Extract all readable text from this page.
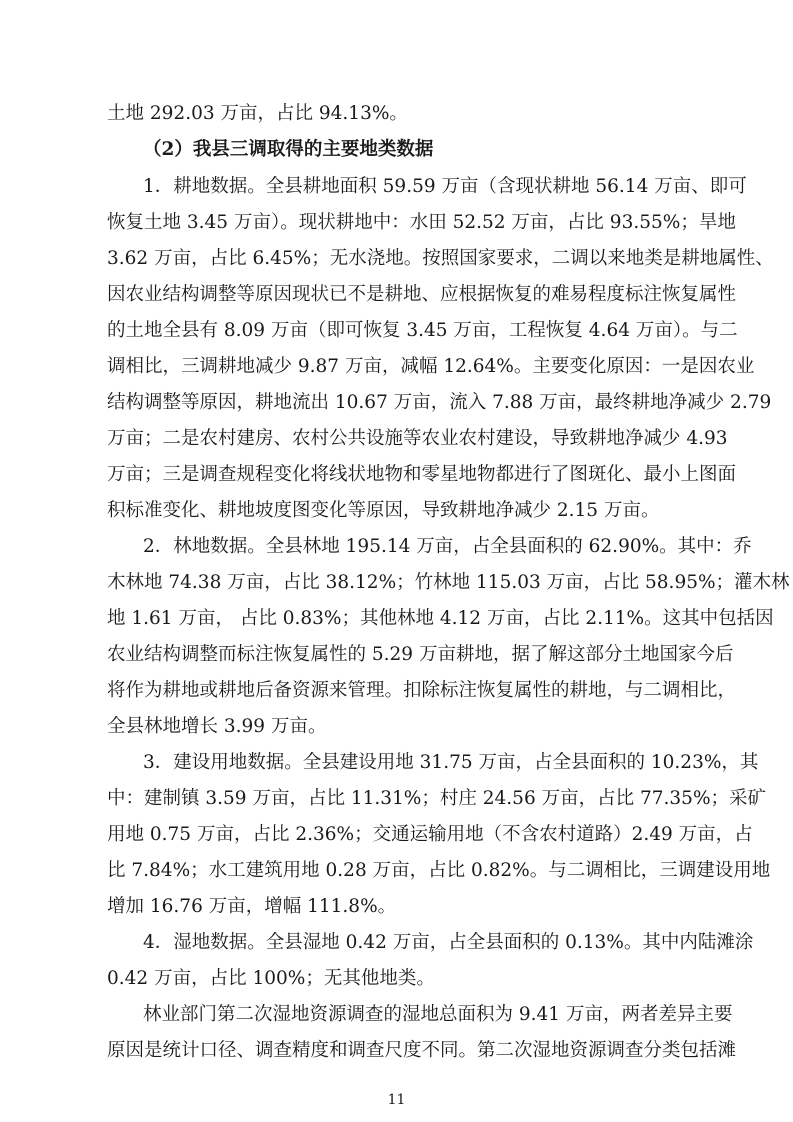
土地 292.03 万亩，占比 94.13%。
（2）我县三调取得的主要地类数据
1．耕地数据。全县耕地面积 59.59 万亩（含现状耕地 56.14 万亩、即可
恢复土地 3.45 万亩）。现状耕地中：水田 52.52 万亩，占比 93.55%；旱地
3.62 万亩，占比 6.45%；无水浇地。按照国家要求，二调以来地类是耕地属性、
因农业结构调整等原因现状已不是耕地、应根据恢复的难易程度标注恢复属性
的土地全县有 8.09 万亩（即可恢复 3.45 万亩，工程恢复 4.64 万亩）。与二
调相比，三调耕地减少 9.87 万亩，减幅 12.64%。主要变化原因：一是因农业
结构调整等原因，耕地流出 10.67 万亩，流入 7.88 万亩，最终耕地净减少 2.79
万亩；二是农村建房、农村公共设施等农业农村建设，导致耕地净减少 4.93
万亩；三是调查规程变化将线状地物和零星地物都进行了图斑化、最小上图面
积标准变化、耕地坡度图变化等原因，导致耕地净减少 2.15 万亩。
2．林地数据。全县林地 195.14 万亩，占全县面积的 62.90%。其中：乔
木林地 74.38 万亩，占比 38.12%；竹林地 115.03 万亩，占比 58.95%；灌木林
地 1.61 万亩， 占比 0.83%；其他林地 4.12 万亩，占比 2.11%。这其中包括因
农业结构调整而标注恢复属性的 5.29 万亩耕地，据了解这部分土地国家今后
将作为耕地或耕地后备资源来管理。扣除标注恢复属性的耕地，与二调相比，
全县林地增长 3.99 万亩。
3．建设用地数据。全县建设用地 31.75 万亩，占全县面积的 10.23%，其
中：建制镇 3.59 万亩，占比 11.31%；村庄 24.56 万亩，占比 77.35%；采矿
用地 0.75 万亩，占比 2.36%；交通运输用地（不含农村道路）2.49 万亩，占
比 7.84%；水工建筑用地 0.28 万亩，占比 0.82%。与二调相比，三调建设用地
增加 16.76 万亩，增幅 111.8%。
4．湿地数据。全县湿地 0.42 万亩，占全县面积的 0.13%。其中内陆滩涂
0.42 万亩，占比 100%；无其他地类。
林业部门第二次湿地资源调查的湿地总面积为 9.41 万亩，两者差异主要
原因是统计口径、调查精度和调查尺度不同。第二次湿地资源调查分类包括滩
11
